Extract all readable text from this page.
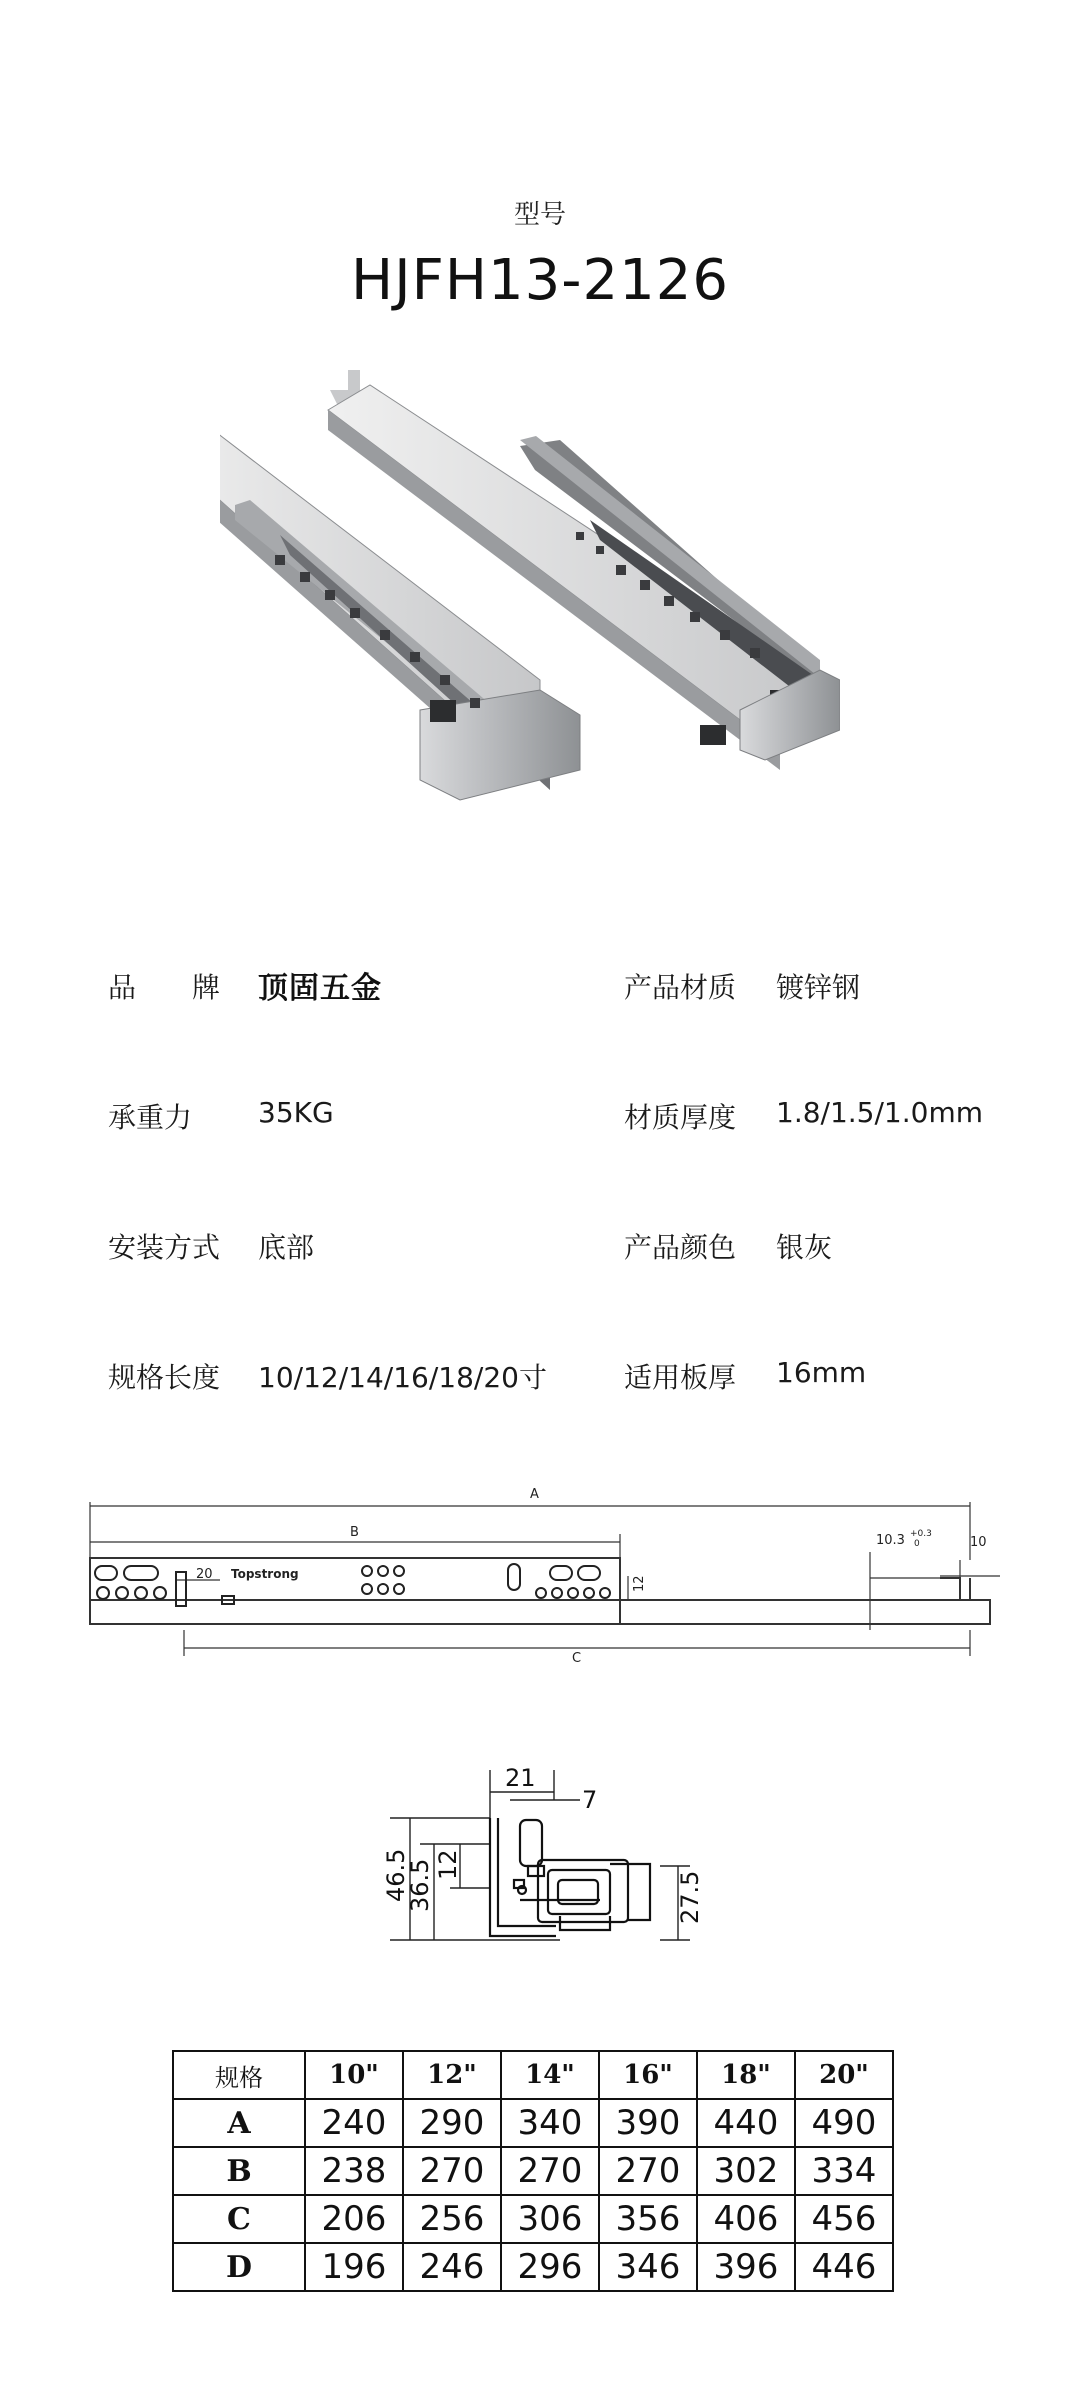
型号
HJFH13-2126
品　　牌 顶固五金	产品材质 镀锌钢
承重力 35KG	材质厚度 1.8/1.5/1.0mm
安装方式 底部	产品颜色 银灰
规格长度 10/12/14/16/18/20寸	适用板厚 16mm
A
B
C
20 Topstrong
12
10.3 +0.3
0	10
21
7
46.5
36.5 12
27.5
规格	10"	12"	14"	16"	18"	20"
A	240	290	340	390	440	490
B	238	270	270	270	302	334
C	206	256	306	356	406	456
D	196	246	296	346	396	446
